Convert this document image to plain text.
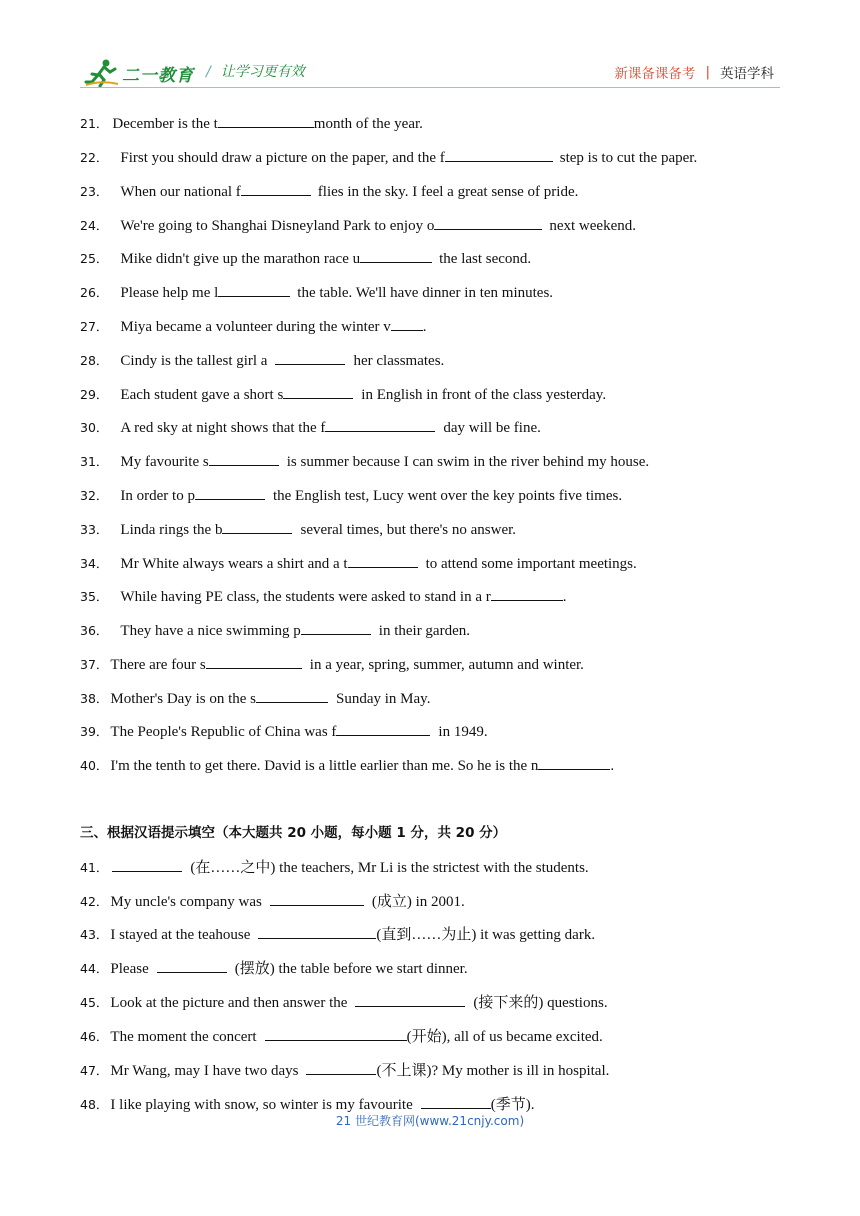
二一教育 / 让学习更有效	新课备课备考 | 英语学科
21． December is the t	month of the year.
22． First you should draw a picture on the paper, and the f	step is to cut the paper.
23． When our national f	flies in the sky. I feel a great sense of pride.
24． We're going to Shanghai Disneyland Park to enjoy o	next weekend.
25． Mike didn't give up the marathon race u	the last second.
26． Please help me l	the table. We'll have dinner in ten minutes.
27． Miya became a volunteer during the winter v .
28． Cindy is the tallest girl a	her classmates.
29． Each student gave a short s	in English in front of the class yesterday.
30． A red sky at night shows that the f	day will be fine.
31． My favourite s	is summer because I can swim in the river behind my house.
32． In order to p	the English test, Lucy went over the key points five times.
33． Linda rings the b	several times, but there's no answer.
34． Mr White always wears a shirt and a t	to attend some important meetings.
35． While having PE class, the students were asked to stand in a r	.
36． They have a nice swimming p	in their garden.
37． There are four s	in a year, spring, summer, autumn and winter.
38． Mother's Day is on the s	Sunday in May.
39． The People's Republic of China was f	in 1949.
40． I'm the tenth to get there. David is a little earlier than me. So he is the n	.
三、根据汉语提示填空（本大题共 20 小题，每小题 1 分，共 20 分）
41．	(在……之中) the teachers, Mr Li is the strictest with the students.
42． My uncle's company was	(成立) in 2001.
43． I stayed at the teahouse	(直到……为止) it was getting dark.
44． Please	(摆放) the table before we start dinner.
45． Look at the picture and then answer the	(接下来的) questions.
46． The moment the concert	(开始), all of us became excited.
47． Mr Wang, may I have two days	(不上课)? My mother is ill in hospital.
48． I like playing with snow, so winter is my favourite	(季节).
21 世纪教育网(www.21cnjy.com)
